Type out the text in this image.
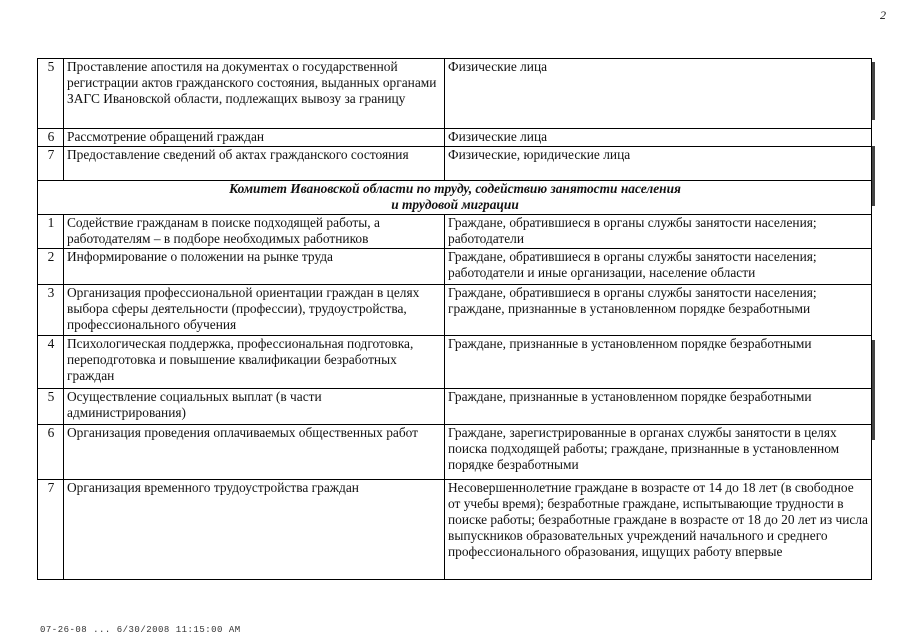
2
5	Проставление апостиля на документах о государственной регистрации актов гражданского состояния, выданных органами ЗАГС Ивановской области, подлежащих вывозу за границу	Физические лица
6	Рассмотрение обращений граждан	Физические лица
7	Предоставление сведений об актах гражданского состояния	Физические, юридические лица

Комитет Ивановской области по труду, содействию занятости населения
и трудовой миграции		

1	Содействие гражданам в поиске подходящей работы, а работодателям – в подборе необходимых работников	Граждане, обратившиеся в органы службы занятости населения; работодатели
2	Информирование о положении на рынке труда	Граждане, обратившиеся в органы службы занятости населения; работодатели и иные организации, население области
3	Организация профессиональной ориентации граждан в целях выбора сферы деятельности (профессии), трудоустройства, профессионального обучения	Граждане, обратившиеся в органы службы занятости населения; граждане, признанные в установленном порядке безработными
4	Психологическая поддержка, профессиональная подготовка, переподготовка и повышение квалификации безработных граждан	Граждане, признанные в установленном порядке безработными
5	Осуществление социальных выплат (в части администрирования)	Граждане, признанные в установленном порядке безработными
6	Организация проведения оплачиваемых общественных работ	Граждане, зарегистрированные в органах службы занятости в целях поиска подходящей работы; граждане, признанные в установленном порядке безработными
7	Организация временного трудоустройства граждан	Несовершеннолетние граждане в возрасте от 14 до 18 лет (в свободное от учебы время); безработные граждане, испытывающие трудности в поиске работы; безработные граждане в возрасте от 18 до 20 лет из числа выпускников образовательных учреждений начального и среднего профессионального образования, ищущих работу впервые
07-26-08 ... 6/30/2008 11:15:00 AM
